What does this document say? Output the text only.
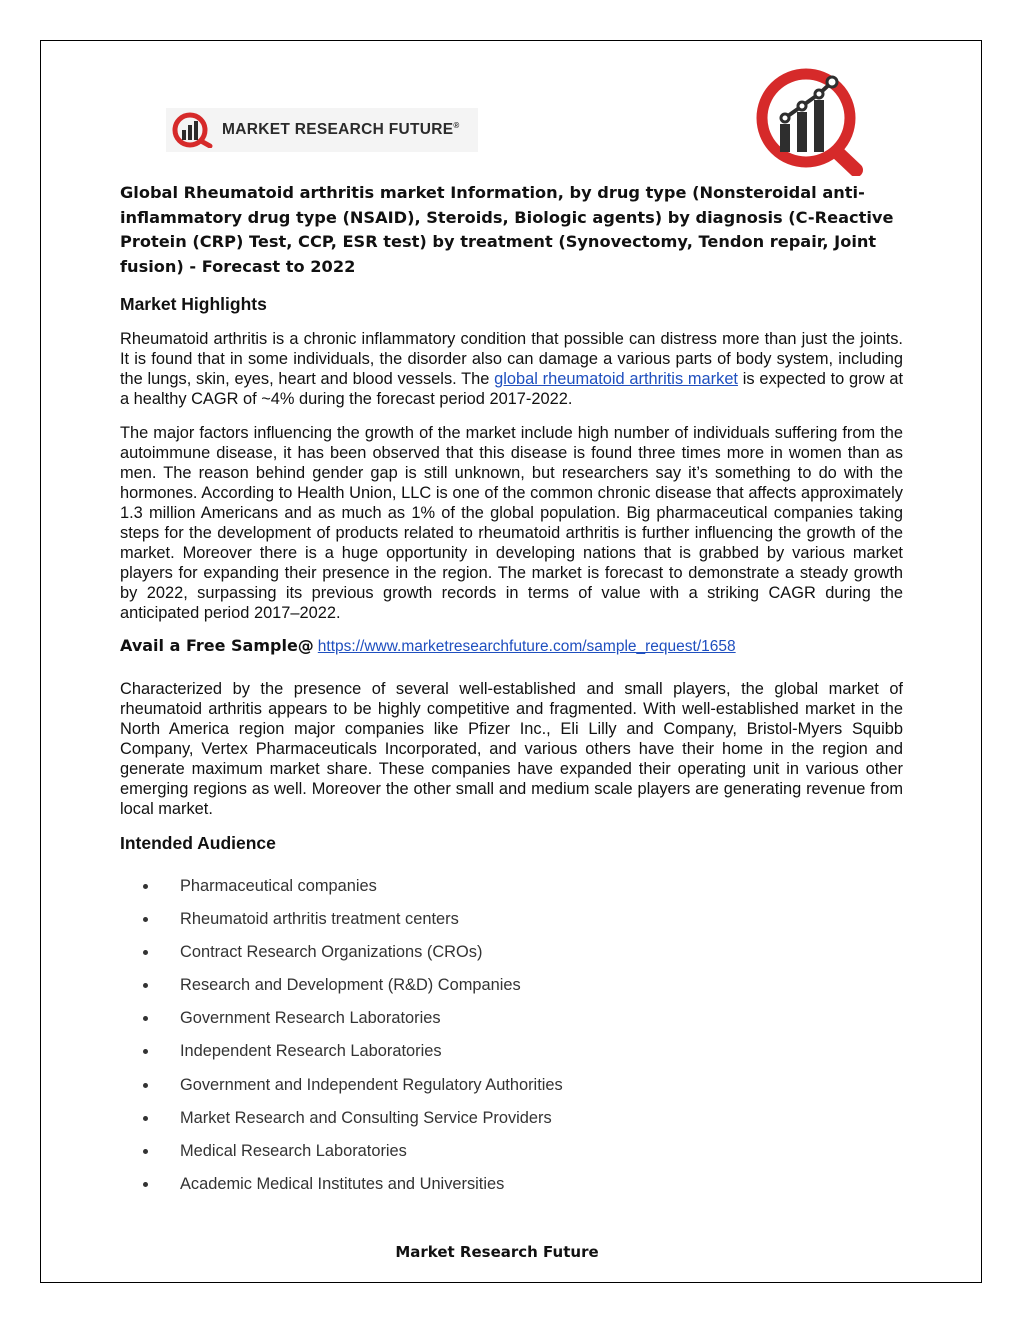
MARKET RESEARCH FUTURE®
Global Rheumatoid arthritis market Information, by drug type (Nonsteroidal anti-inflammatory drug type (NSAID), Steroids, Biologic agents) by diagnosis (C-Reactive Protein (CRP) Test, CCP, ESR test) by treatment (Synovectomy, Tendon repair, Joint fusion) - Forecast to 2022
Market Highlights

Rheumatoid arthritis is a chronic inflammatory condition that possible can distress more than just the joints. It is found that in some individuals, the disorder also can damage a various parts of body system, including the lungs, skin, eyes, heart and blood vessels. The global rheumatoid arthritis market is expected to grow at a healthy CAGR of ~4% during the forecast period 2017-2022.

The major factors influencing the growth of the market include high number of individuals suffering from the autoimmune disease, it has been observed that this disease is found three times more in women than as men. The reason behind gender gap is still unknown, but researchers say it’s something to do with the hormones. According to Health Union, LLC is one of the common chronic disease that affects approximately 1.3 million Americans and as much as 1% of the global population. Big pharmaceutical companies taking steps for the development of products related to rheumatoid arthritis is further influencing the growth of the market. Moreover there is a huge opportunity in developing nations that is grabbed by various market players for expanding their presence in the region. The market is forecast to demonstrate a steady growth by 2022, surpassing its previous growth records in terms of value with a striking CAGR during the anticipated period 2017–2022.

Avail a Free Sample@ https://www.marketresearchfuture.com/sample_request/1658

Characterized by the presence of several well-established and small players, the global market of rheumatoid arthritis appears to be highly competitive and fragmented. With well-established market in the North America region major companies like Pfizer Inc., Eli Lilly and Company, Bristol-Myers Squibb Company, Vertex Pharmaceuticals Incorporated, and various others have their home in the region and generate maximum market share. These companies have expanded their operating unit in various other emerging regions as well. Moreover the other small and medium scale players are generating revenue from local market.

Intended Audience
Pharmaceutical companies
Rheumatoid arthritis treatment centers
Contract Research Organizations (CROs)
Research and Development (R&D) Companies
Government Research Laboratories
Independent Research Laboratories
Government and Independent Regulatory Authorities
Market Research and Consulting Service Providers
Medical Research Laboratories
Academic Medical Institutes and Universities

Market Research Future
